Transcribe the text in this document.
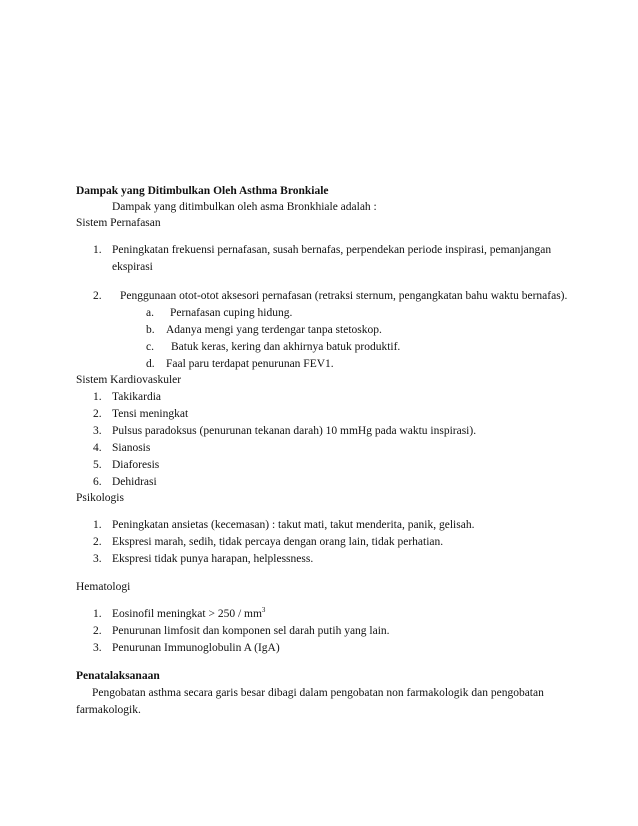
Dampak yang Ditimbulkan Oleh Asthma Bronkiale
Dampak yang ditimbulkan oleh asma Bronkhiale adalah :
Sistem Pernafasan
1. Peningkatan frekuensi pernafasan, susah bernafas, perpendekan periode inspirasi, pemanjangan
ekspirasi
2. Penggunaan otot-otot aksesori pernafasan (retraksi sternum, pengangkatan bahu waktu bernafas).
a. Pernafasan cuping hidung.
b. Adanya mengi yang terdengar tanpa stetoskop.
c. Batuk keras, kering dan akhirnya batuk produktif.
d. Faal paru terdapat penurunan FEV1.
Sistem Kardiovaskuler
1. Takikardia
2. Tensi meningkat
3. Pulsus paradoksus (penurunan tekanan darah) 10 mmHg pada waktu inspirasi).
4. Sianosis
5. Diaforesis
6. Dehidrasi
Psikologis
1. Peningkatan ansietas (kecemasan) : takut mati, takut menderita, panik, gelisah.
2. Ekspresi marah, sedih, tidak percaya dengan orang lain, tidak perhatian.
3. Ekspresi tidak punya harapan, helplessness.
Hematologi
1. Eosinofil meningkat > $250 / mm^3$
2. Penurunan limfosit dan komponen sel darah putih yang lain.
3. Penurunan Immunoglobulin A (IgA)
Penatalaksanaan
Pengobatan asthma secara garis besar dibagi dalam pengobatan non farmakologik dan pengobatan
farmakologik.
